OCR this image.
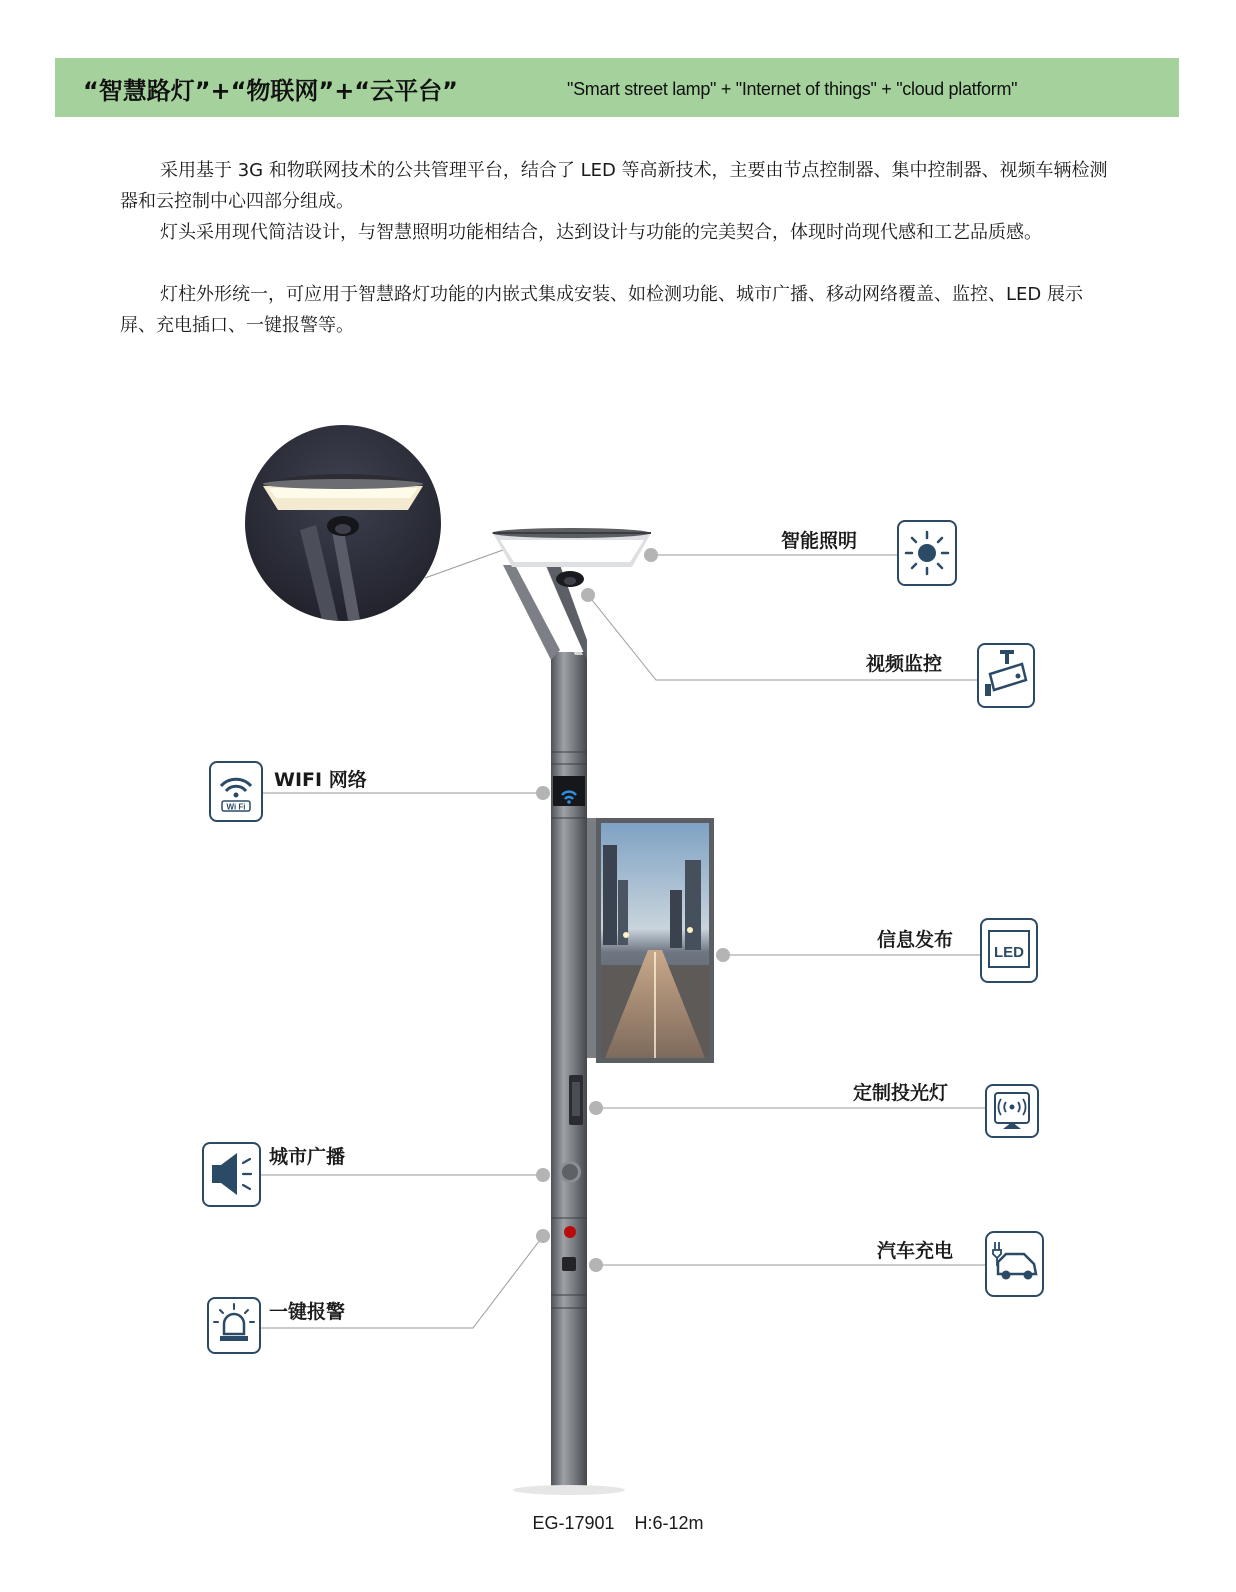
“智慧路灯”+“物联网”+“云平台”	"Smart street lamp" + "Internet of things" + "cloud platform"

采用基于 3G 和物联网技术的公共管理平台，结合了 LED 等高新技术，主要由节点控制器、集中控制器、视频车辆检测器和云控制中心四部分组成。

灯头采用现代简洁设计，与智慧照明功能相结合，达到设计与功能的完美契合，体现时尚现代感和工艺品质感。

灯柱外形统一，可应用于智慧路灯功能的内嵌式集成安装、如检测功能、城市广播、移动网络覆盖、监控、LED 展示屏、充电插口、一键报警等。

Wi Fi
LED
智能照明
视频监控
WIFI 网络
信息发布
定制投光灯
城市广播
汽车充电
一键报警
EG-17901    H:6-12m
